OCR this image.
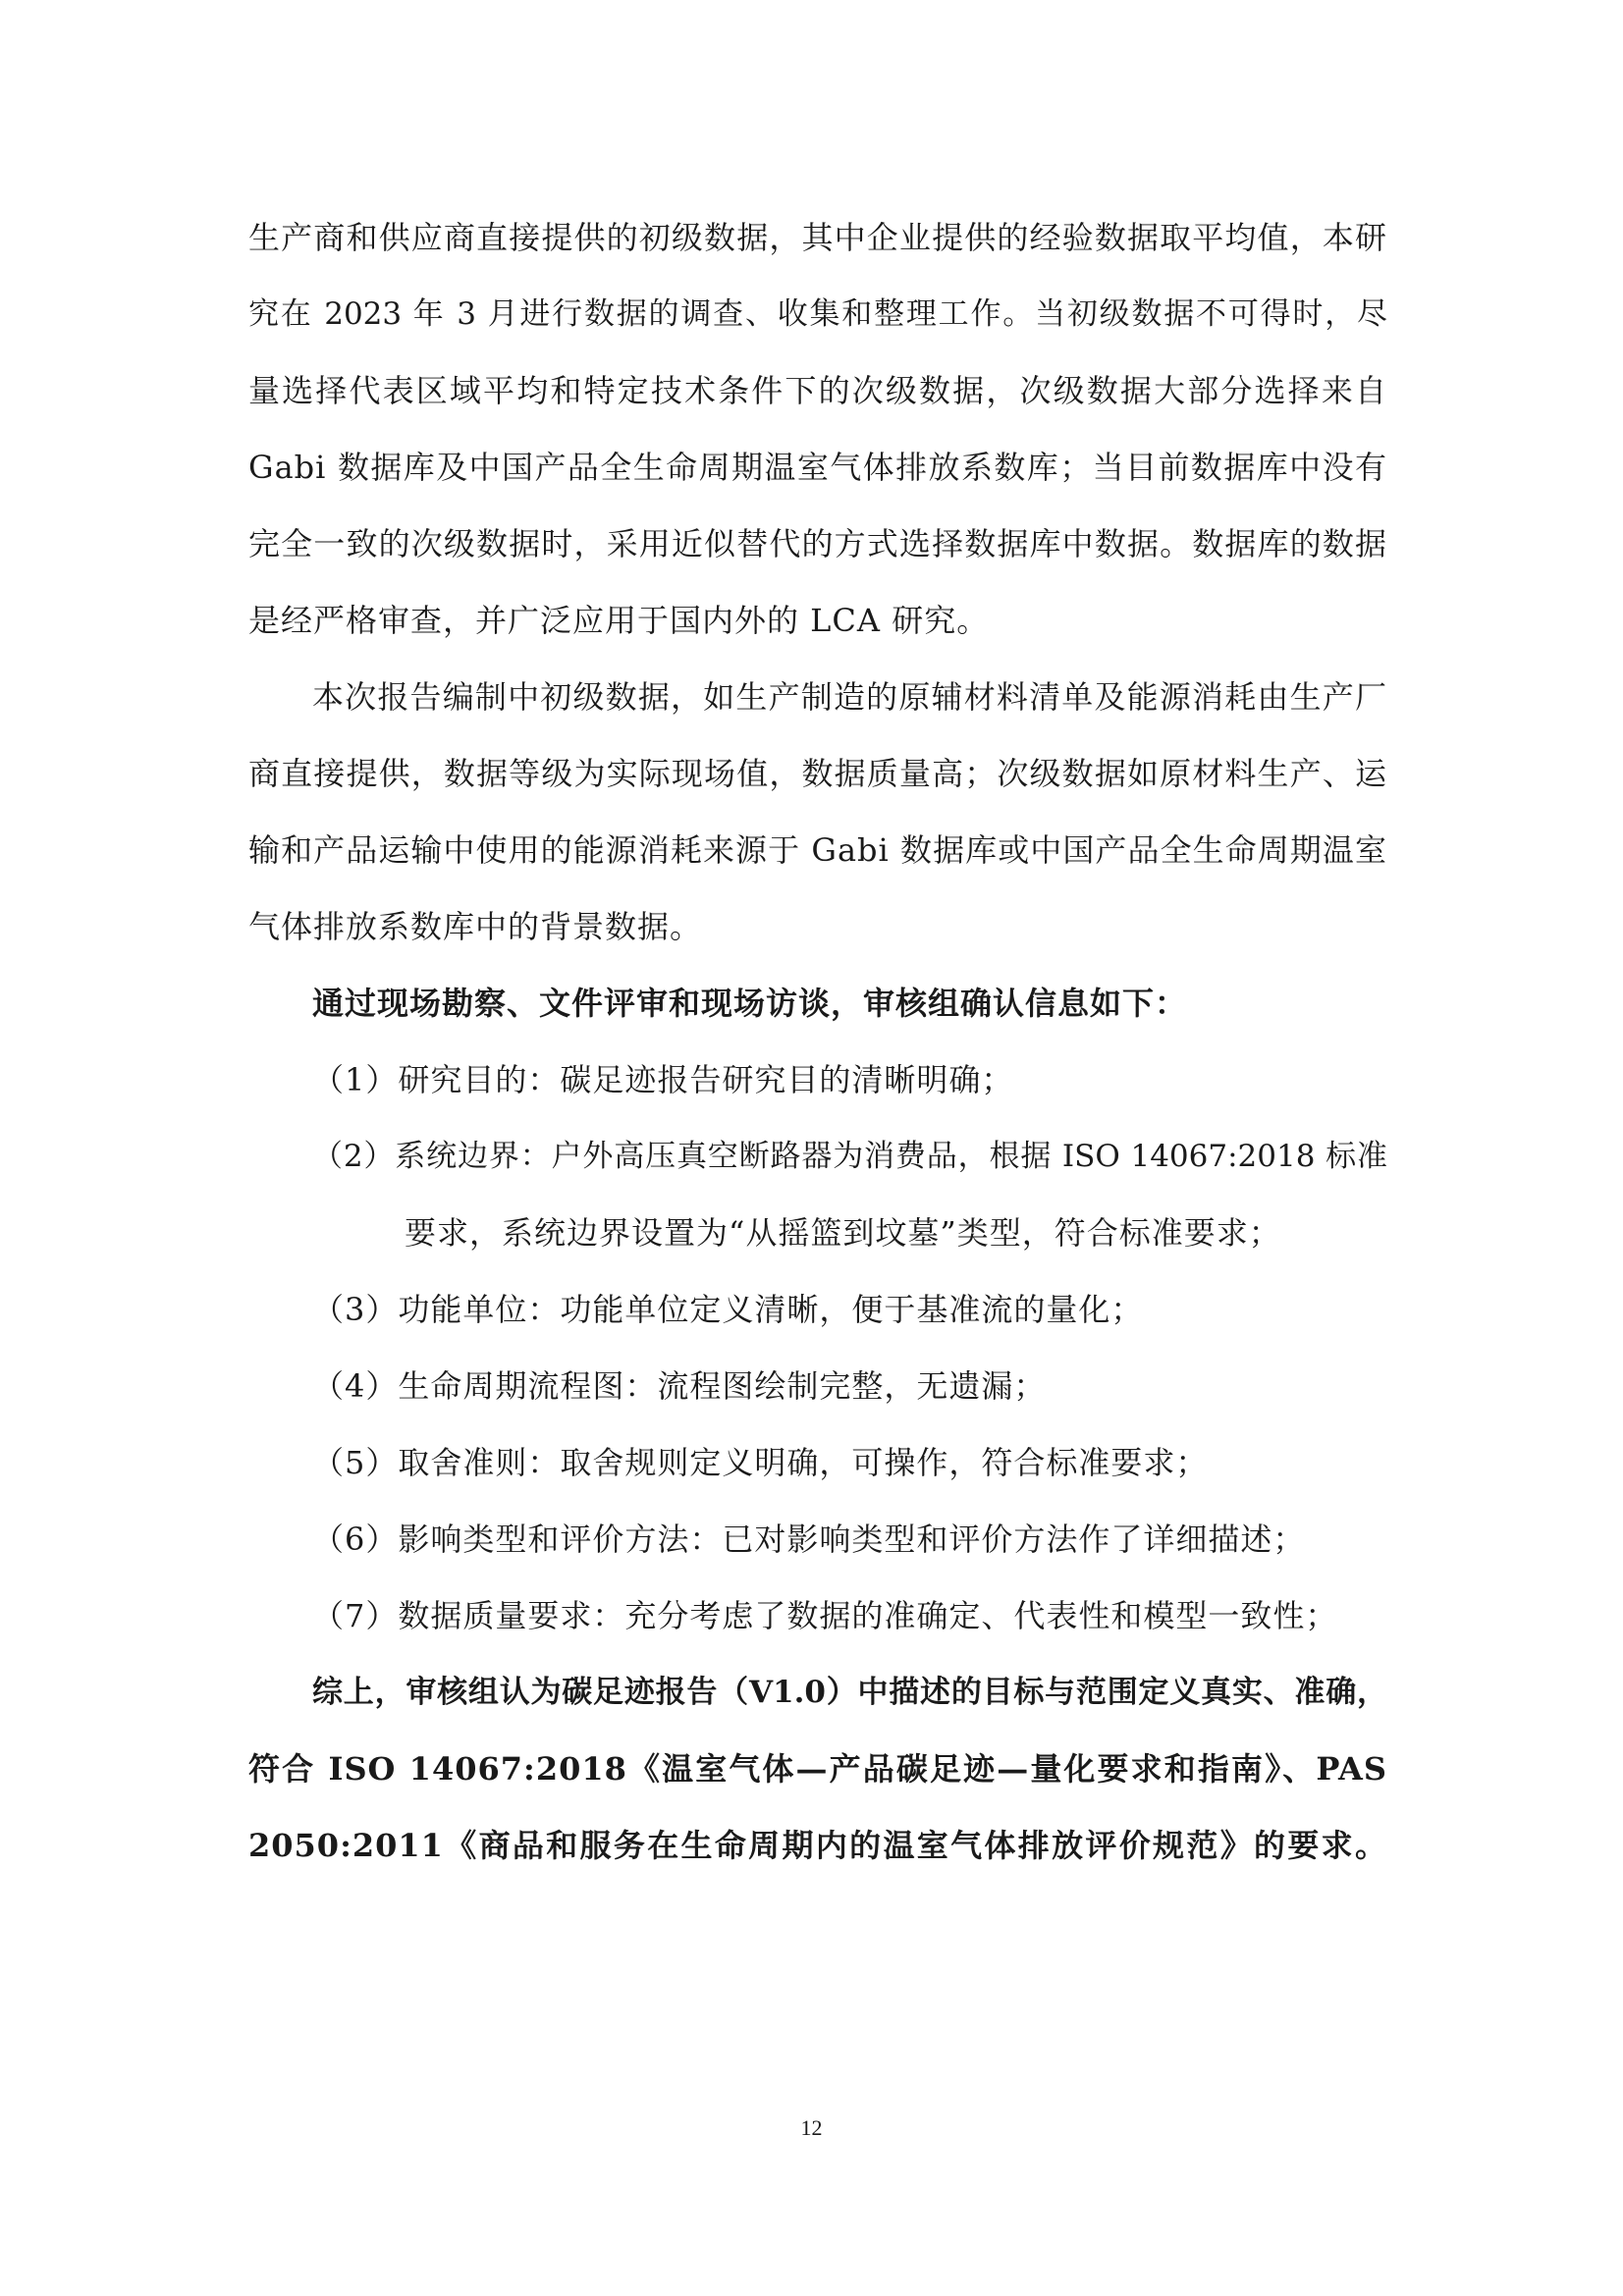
生产商和供应商直接提供的初级数据，其中企业提供的经验数据取平均值，本研
究在 2023 年 3 月进行数据的调查、收集和整理工作。当初级数据不可得时，尽
量选择代表区域平均和特定技术条件下的次级数据，次级数据大部分选择来自
Gabi 数据库及中国产品全生命周期温室气体排放系数库；当目前数据库中没有
完全一致的次级数据时，采用近似替代的方式选择数据库中数据。数据库的数据
是经严格审查，并广泛应用于国内外的 LCA 研究。
本次报告编制中初级数据，如生产制造的原辅材料清单及能源消耗由生产厂
商直接提供，数据等级为实际现场值，数据质量高；次级数据如原材料生产、运
输和产品运输中使用的能源消耗来源于 Gabi 数据库或中国产品全生命周期温室
气体排放系数库中的背景数据。
通过现场勘察、文件评审和现场访谈，审核组确认信息如下：
（1）研究目的：碳足迹报告研究目的清晰明确；
（2）系统边界：户外高压真空断路器为消费品，根据 ISO 14067:2018 标准
要求，系统边界设置为“从摇篮到坟墓”类型，符合标准要求；
（3）功能单位：功能单位定义清晰，便于基准流的量化；
（4）生命周期流程图：流程图绘制完整，无遗漏；
（5）取舍准则：取舍规则定义明确，可操作，符合标准要求；
（6）影响类型和评价方法：已对影响类型和评价方法作了详细描述；
（7）数据质量要求：充分考虑了数据的准确定、代表性和模型一致性；
综上，审核组认为碳足迹报告（V1.0）中描述的目标与范围定义真实、准确，
符合 ISO 14067:2018《温室气体—产品碳足迹—量化要求和指南》、PAS
2050:2011《商品和服务在生命周期内的温室气体排放评价规范》的要求。
12
